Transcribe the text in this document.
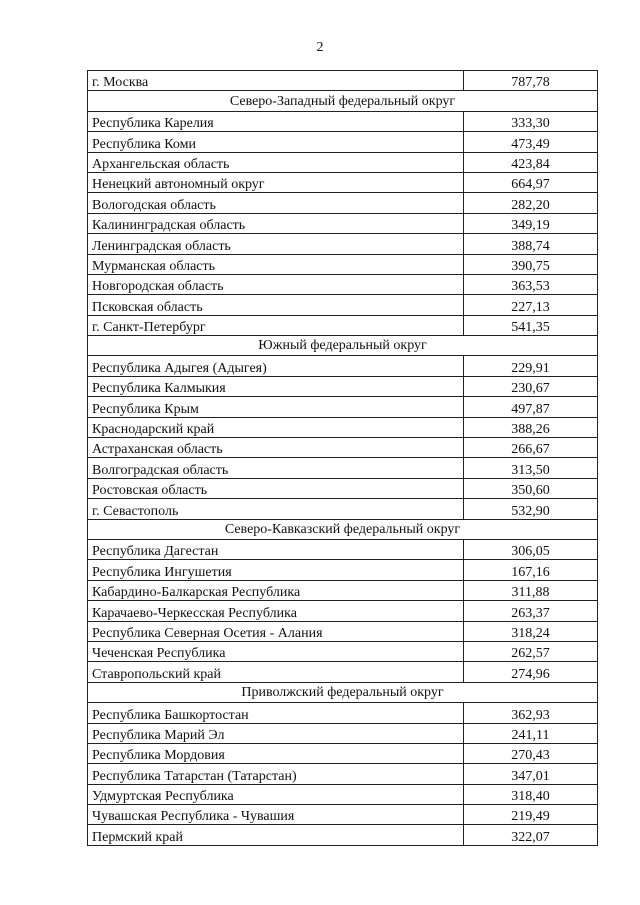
2
г. Москва	787,78
Северо-Западный федеральный округ	
Республика Карелия	333,30
Республика Коми	473,49
Архангельская область	423,84
Ненецкий автономный округ	664,97
Вологодская область	282,20
Калининградская область	349,19
Ленинградская область	388,74
Мурманская область	390,75
Новгородская область	363,53
Псковская область	227,13
г. Санкт-Петербург	541,35
Южный федеральный округ	
Республика Адыгея (Адыгея)	229,91
Республика Калмыкия	230,67
Республика Крым	497,87
Краснодарский край	388,26
Астраханская область	266,67
Волгоградская область	313,50
Ростовская область	350,60
г. Севастополь	532,90
Северо-Кавказский федеральный округ	
Республика Дагестан	306,05
Республика Ингушетия	167,16
Кабардино-Балкарская Республика	311,88
Карачаево-Черкесская Республика	263,37
Республика Северная Осетия - Алания	318,24
Чеченская Республика	262,57
Ставропольский край	274,96
Приволжский федеральный округ	
Республика Башкортостан	362,93
Республика Марий Эл	241,11
Республика Мордовия	270,43
Республика Татарстан (Татарстан)	347,01
Удмуртская Республика	318,40
Чувашская Республика - Чувашия	219,49
Пермский край	322,07
